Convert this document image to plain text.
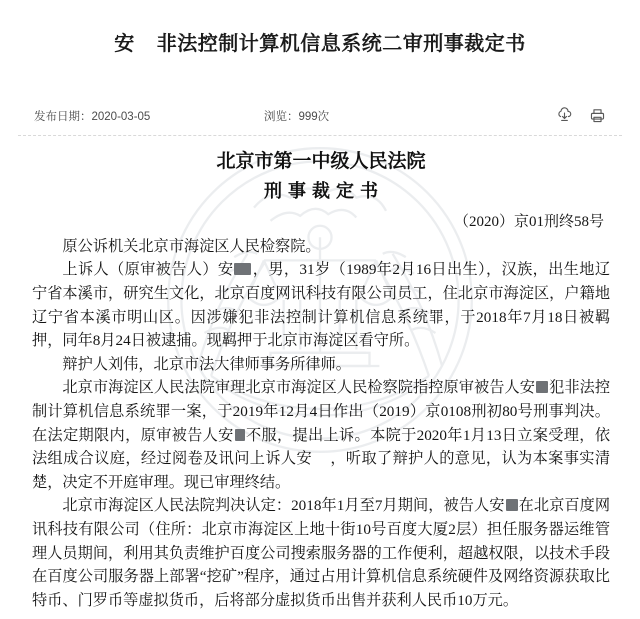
安 非法控制计算机信息系统二审刑事裁定书
发布日期：2020-03-05	浏览：999次
北京市第一中级人民法院
刑事裁定书
（2020）京01刑终58号

原公诉机关北京市海淀区人民检察院。

上诉人（原审被告人）安 ，男，31岁（1989年2月16日出生），汉族，出生地辽宁省本溪市，研究生文化，北京百度网讯科技有限公司员工，住北京市海淀区，户籍地辽宁省本溪市明山区。因涉嫌犯非法控制计算机信息系统罪，于2018年7月18日被羁押，同年8月24日被逮捕。现羁押于北京市海淀区看守所。

辩护人刘伟，北京市法大律师事务所律师。

北京市海淀区人民法院审理北京市海淀区人民检察院指控原审被告人安 犯非法控制计算机信息系统罪一案，于2019年12月4日作出（2019）京0108刑初80号刑事判决。在法定期限内，原审被告人安 不服，提出上诉。本院于2020年1月13日立案受理，依法组成合议庭，经过阅卷及讯问上诉人安 ，听取了辩护人的意见，认为本案事实清楚，决定不开庭审理。现已审理终结。

北京市海淀区人民法院判决认定：2018年1月至7月期间，被告人安 在北京百度网讯科技有限公司（住所：北京市海淀区上地十街10号百度大厦2层）担任服务器运维管理人员期间，利用其负责维护百度公司搜索服务器的工作便利，超越权限，以技术手段在百度公司服务器上部署“挖矿”程序，通过占用计算机信息系统硬件及网络资源获取比特币、门罗币等虚拟货币，后将部分虚拟货币出售并获利人民币10万元。
